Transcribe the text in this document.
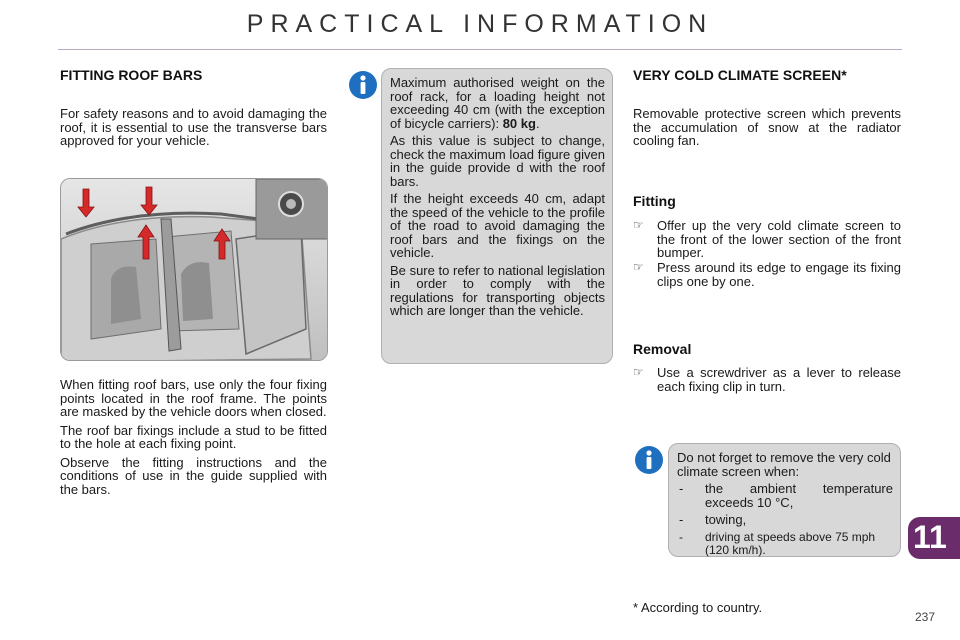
PRACTICAL INFORMATION
FITTING ROOF BARS

For safety reasons and to avoid damaging the roof, it is essential to use the transverse bars approved for your vehicle.

When fitting roof bars, use only the four fixing points located in the roof frame. The points are masked by the vehicle doors when closed.

The roof bar fixings include a stud to be fitted to the hole at each fixing point.

Observe the fitting instructions and the conditions of use in the guide supplied with the bars.

Maximum authorised weight on the roof rack, for a loading height not exceeding 40 cm (with the exception of bicycle carriers): 80 kg.

As this value is subject to change, check the maximum load figure given in the guide provide d with the roof bars.

If the height exceeds 40 cm, adapt the speed of the vehicle to the profile of the road to avoid damaging the roof bars and the fixings on the vehicle.

Be sure to refer to national legislation in order to comply with the regulations for transporting objects which are longer than the vehicle.

VERY COLD CLIMATE SCREEN*

Removable protective screen which prevents the accumulation of snow at the radiator cooling fan.

Fitting
☞ Offer up the very cold climate screen to the front of the lower section of the front bumper.
☞ Press around its edge to engage its fixing clips one by one.
Removal
☞ Use a screwdriver as a lever to release each fixing clip in turn.

Do not forget to remove the very cold climate screen when:

- the ambient temperature exceeds 10 °C,
- towing,
- driving at speeds above 75 mph (120 km/h).	11
* According to country.
237
